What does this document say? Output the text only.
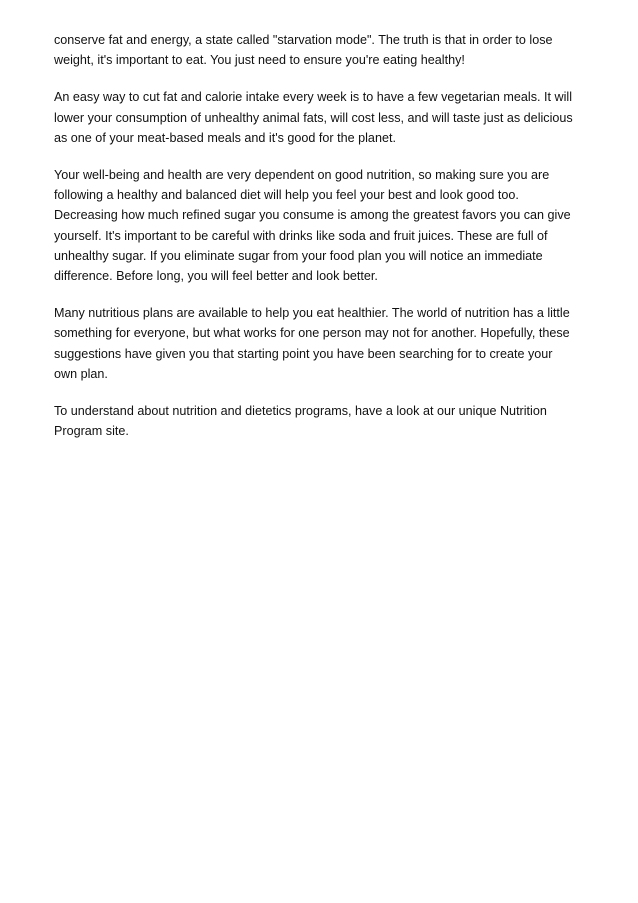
conserve fat and energy, a state called "starvation mode". The truth is that in order to lose
weight, it's important to eat. You just need to ensure you're eating healthy!

An easy way to cut fat and calorie intake every week is to have a few vegetarian meals. It will
lower your consumption of unhealthy animal fats, will cost less, and will taste just as delicious
as one of your meat-based meals and it's good for the planet.

Your well-being and health are very dependent on good nutrition, so making sure you are
following a healthy and balanced diet will help you feel your best and look good too.
Decreasing how much refined sugar you consume is among the greatest favors you can give
yourself. It's important to be careful with drinks like soda and fruit juices. These are full of
unhealthy sugar. If you eliminate sugar from your food plan you will notice an immediate
difference. Before long, you will feel better and look better.

Many nutritious plans are available to help you eat healthier. The world of nutrition has a little
something for everyone, but what works for one person may not for another. Hopefully, these
suggestions have given you that starting point you have been searching for to create your
own plan.

To understand about nutrition and dietetics programs, have a look at our unique Nutrition
Program site.
